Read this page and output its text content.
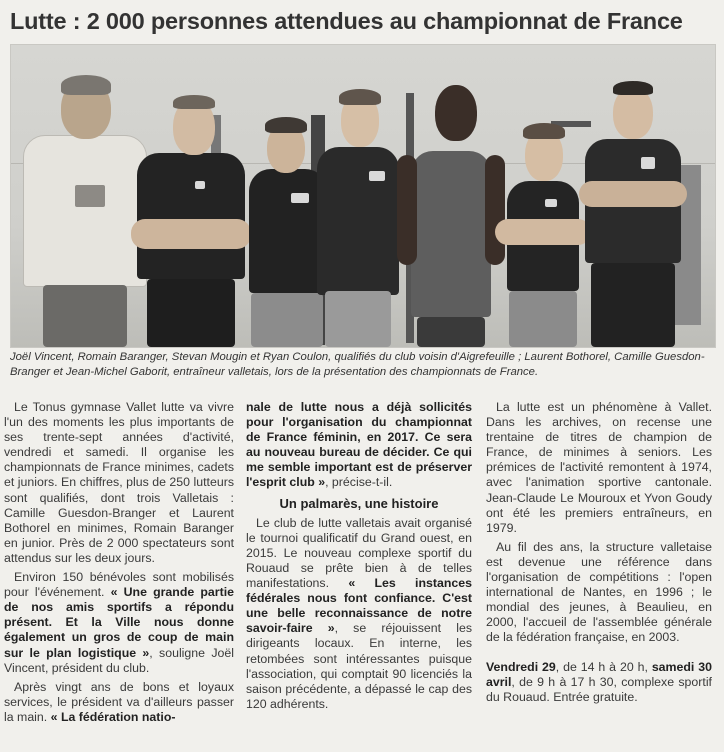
Lutte : 2 000 personnes attendues au championnat de France
Joël Vincent, Romain Baranger, Stevan Mougin et Ryan Coulon, qualifiés du club voisin d'Aigrefeuille ; Laurent Bothorel, Camille Guesdon-Branger et Jean-Michel Gaborit, entraîneur valletais, lors de la présentation des championnats de France.

Le Tonus gymnase Vallet lutte va vivre l'un des moments les plus importants de ses trente-sept années d'activité, vendredi et samedi. Il organise les championnats de France minimes, cadets et juniors. En chiffres, plus de 250 lutteurs sont qualifiés, dont trois Valletais : Camille Guesdon-Branger et Laurent Bothorel en minimes, Romain Baranger en junior. Près de 2 000 spectateurs sont attendus sur les deux jours.

Environ 150 bénévoles sont mobilisés pour l'événement. « Une grande partie de nos amis sportifs a répondu présent. Et la Ville nous donne également un gros de coup de main sur le plan logistique », souligne Joël Vincent, président du club.

Après vingt ans de bons et loyaux services, le président va d'ailleurs passer la main. « La fédération natio-

nale de lutte nous a déjà sollicités pour l'organisation du championnat de France féminin, en 2017. Ce sera au nouveau bureau de décider. Ce qui me semble important est de préserver l'esprit club », précise-t-il.

Un palmarès, une histoire

Le club de lutte valletais avait organisé le tournoi qualificatif du Grand ouest, en 2015. Le nouveau complexe sportif du Rouaud se prête bien à de telles manifestations. « Les instances fédérales nous font confiance. C'est une belle reconnaissance de notre savoir-faire », se réjouissent les dirigeants locaux. En interne, les retombées sont intéressantes puisque l'association, qui comptait 90 licenciés la saison précédente, a dépassé le cap des 120 adhérents.

La lutte est un phénomène à Vallet. Dans les archives, on recense une trentaine de titres de champion de France, de minimes à seniors. Les prémices de l'activité remontent à 1974, avec l'animation sportive cantonale. Jean-Claude Le Mouroux et Yvon Goudy ont été les premiers entraîneurs, en 1979.

Au fil des ans, la structure valletaise est devenue une référence dans l'organisation de compétitions : l'open international de Nantes, en 1996 ; le mondial des jeunes, à Beaulieu, en 2000, l'accueil de l'assemblée générale de la fédération française, en 2003.

Vendredi 29, de 14 h à 20 h, samedi 30 avril, de 9 h à 17 h 30, complexe sportif du Rouaud. Entrée gratuite.
